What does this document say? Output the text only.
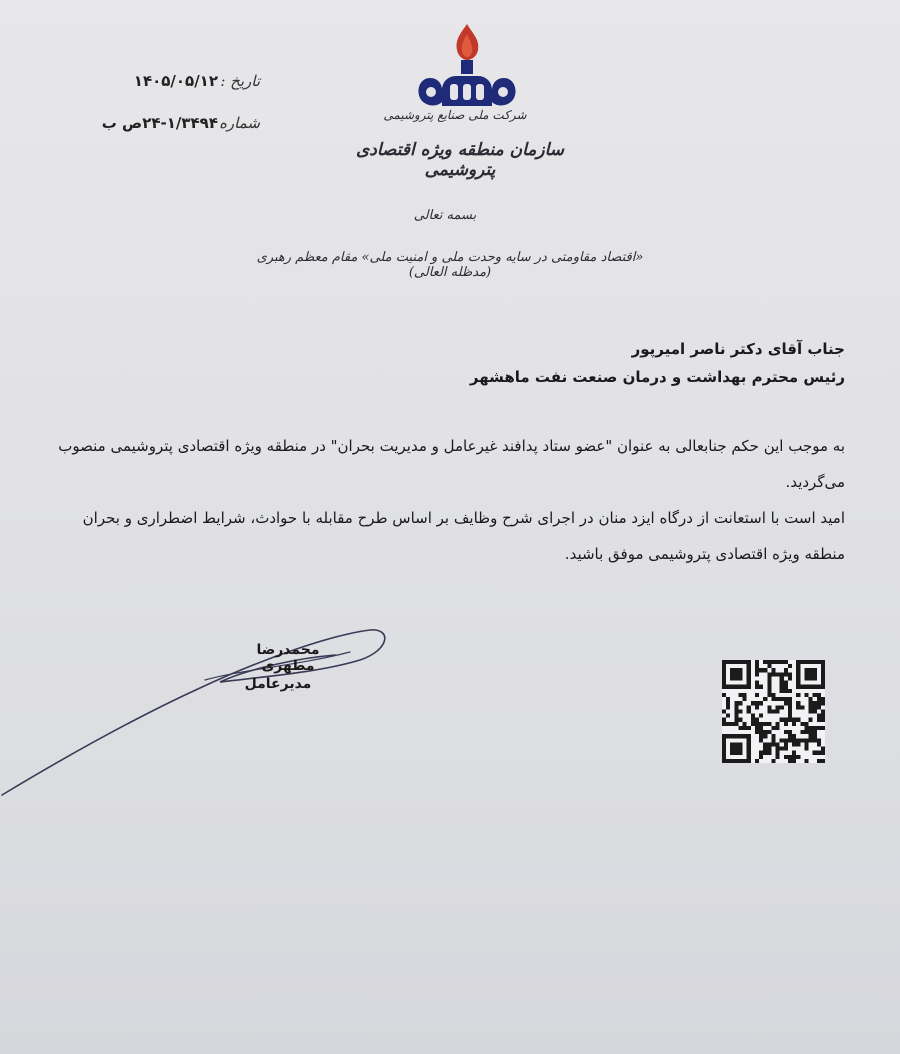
تاریخ :
۱۴۰۵/۰۵/۱۲
شماره :
۲۴-۱/۳۴۹۴ص ب	شرکت ملی صنایع پتروشیمی
سازمان منطقه ویژه اقتصادی پتروشیمی
بسمه تعالی
«اقتصاد مقاومتی در سایه وحدت ملی و امنیت ملی» مقام معظم رهبری (مدظله العالی)
جناب آقای دکتر ناصر امیرپور
رئیس محترم بهداشت و درمان صنعت نفت ماهشهر
به موجب این حکم جنابعالی به عنوان "عضو ستاد پدافند غیرعامل و مدیریت بحران" در منطقه ویژه اقتصادی پتروشیمی منصوب می‌گردید.
امید است با استعانت از درگاه ایزد منان در اجرای شرح وظایف بر اساس طرح مقابله با حوادث، شرایط اضطراری و بحران منطقه ویژه اقتصادی پتروشیمی موفق باشید.
محمدرضا مطهری
مدیرعامل
